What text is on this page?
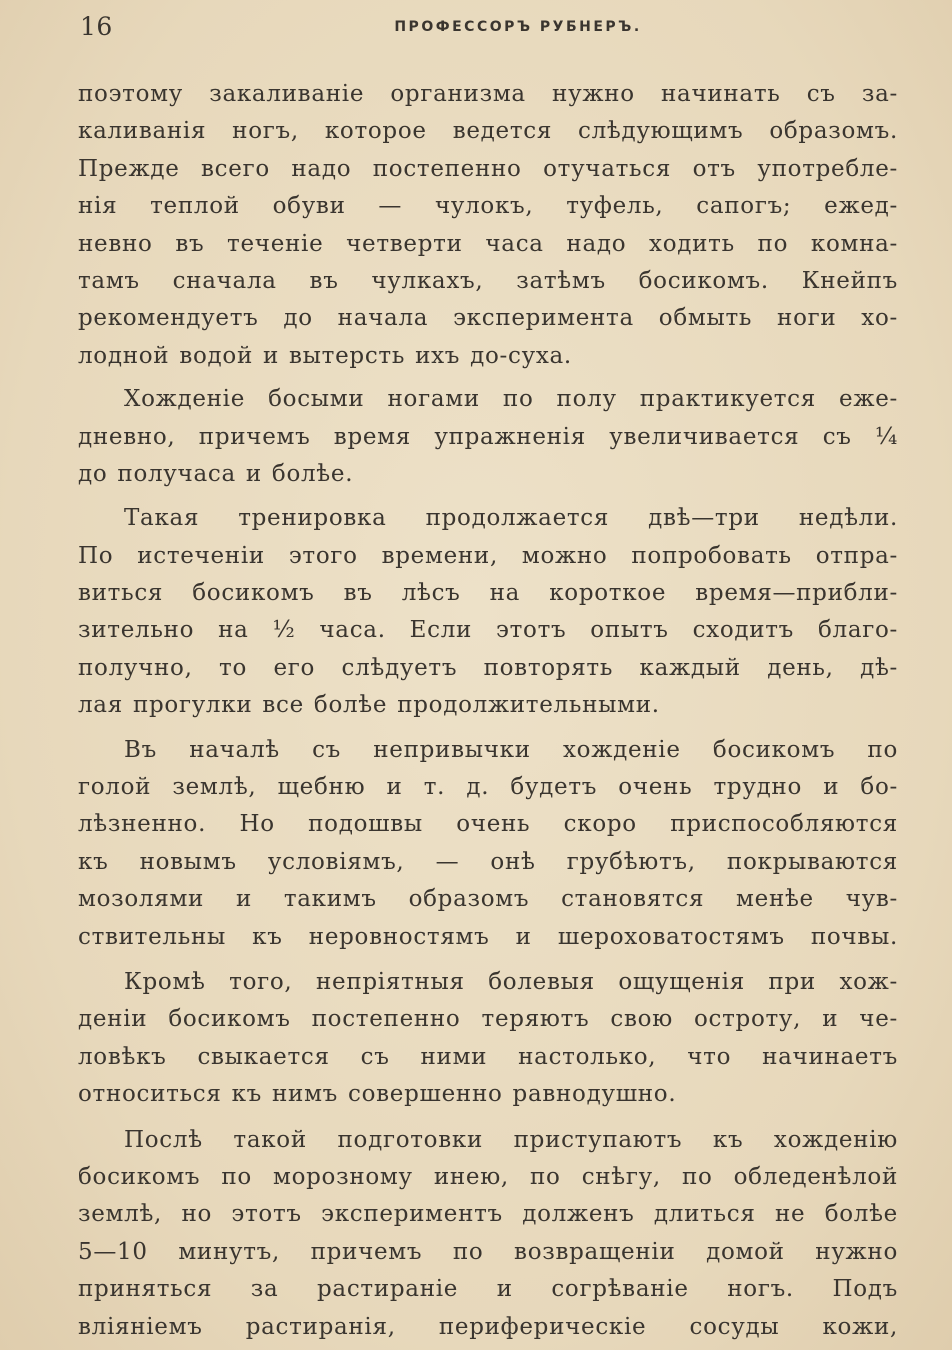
16	ПРОФЕССОРЪ РУБНЕРЪ.
поэтому закаливаніе организма нужно начинать съ за-
каливанія ногъ, которое ведется слѣдующимъ образомъ.
Прежде всего надо постепенно отучаться отъ употребле-
нія теплой обуви — чулокъ, туфель, сапогъ; ежед-
невно въ теченіе четверти часа надо ходить по комна-
тамъ сначала въ чулкахъ, затѣмъ босикомъ. Кнейпъ
рекомендуетъ до начала эксперимента обмыть ноги хо-
лодной водой и вытерсть ихъ до-суха.
Хожденіе босыми ногами по полу практикуется еже-
дневно, причемъ время упражненія увеличивается съ ¼
до получаса и болѣе.
Такая тренировка продолжается двѣ—три недѣли.
По истеченіи этого времени, можно попробовать отпра-
виться босикомъ въ лѣсъ на короткое время—прибли-
зительно на ½ часа. Если этотъ опытъ сходитъ благо-
получно, то его слѣдуетъ повторять каждый день, дѣ-
лая прогулки все болѣе продолжительными.
Въ началѣ съ непривычки хожденіе босикомъ по
голой землѣ, щебню и т. д. будетъ очень трудно и бо-
лѣзненно. Но подошвы очень скоро приспособляются
къ новымъ условіямъ, — онѣ грубѣютъ, покрываются
мозолями и такимъ образомъ становятся менѣе чув-
ствительны къ неровностямъ и шероховатостямъ почвы.
Кромѣ того, непріятныя болевыя ощущенія при хож-
деніи босикомъ постепенно теряютъ свою остроту, и че-
ловѣкъ свыкается съ ними настолько, что начинаетъ
относиться къ нимъ совершенно равнодушно.
Послѣ такой подготовки приступаютъ къ хожденію
босикомъ по морозному инею, по снѣгу, по обледенѣлой
землѣ, но этотъ экспериментъ долженъ длиться не болѣе
5—10 минутъ, причемъ по возвращеніи домой нужно
приняться за растираніе и согрѣваніе ногъ. Подъ
вліяніемъ растиранія, периферическіе сосуды кожи,
